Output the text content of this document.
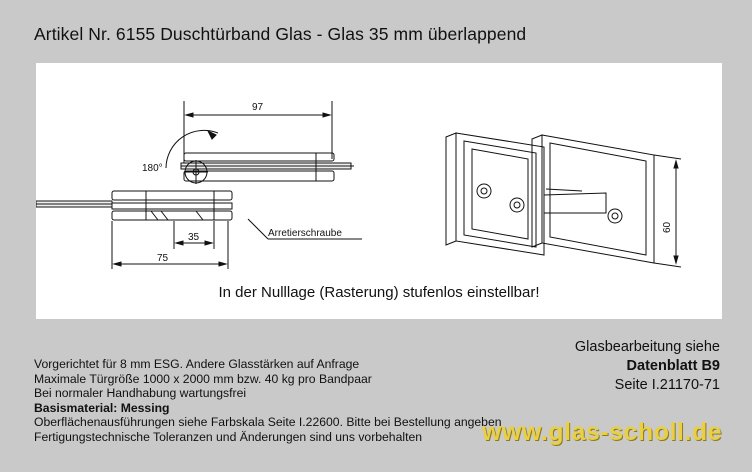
Artikel Nr. 6155 Duschtürband Glas - Glas 35 mm überlappend
97
180°
35
75
Arretierschraube
60
In der Nulllage (Rasterung) stufenlos einstellbar!
Glasbearbeitung siehe
Datenblatt B9
Seite I.21170-71
Vorgerichtet für 8 mm ESG. Andere Glasstärken auf Anfrage
Maximale Türgröße 1000 x 2000 mm bzw. 40 kg pro Bandpaar
Bei normaler Handhabung wartungsfrei
Basismaterial: Messing
Oberflächenausführungen siehe Farbskala Seite I.22600. Bitte bei Bestellung angeben
Fertigungstechnische Toleranzen und Änderungen sind uns vorbehalten	www.glas-scholl.de
